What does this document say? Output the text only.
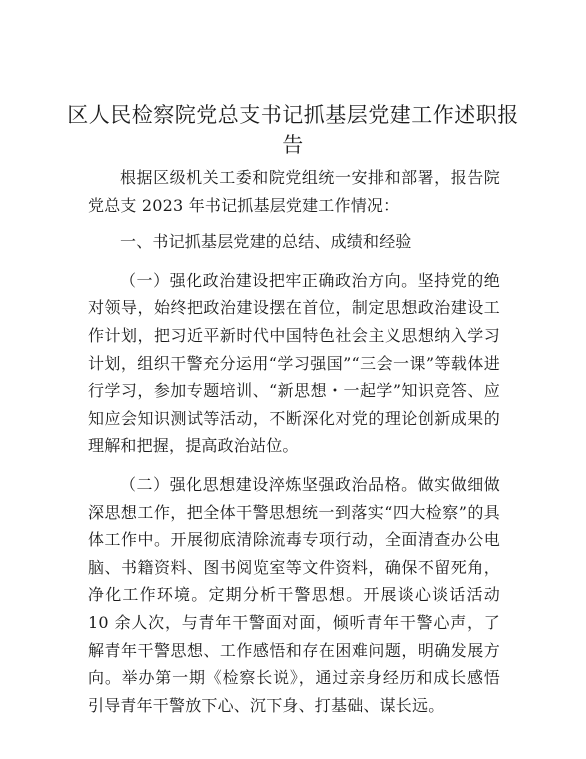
区人民检察院党总支书记抓基层党建工作述职报告

根据区级机关工委和院党组统一安排和部署，报告院党总支 2023 年书记抓基层党建工作情况：

一、书记抓基层党建的总结、成绩和经验

（一）强化政治建设把牢正确政治方向。坚持党的绝对领导，始终把政治建设摆在首位，制定思想政治建设工作计划，把习近平新时代中国特色社会主义思想纳入学习计划，组织干警充分运用“学习强国”“三会一课”等载体进行学习，参加专题培训、“新思想・一起学”知识竞答、应知应会知识测试等活动，不断深化对党的理论创新成果的理解和把握，提高政治站位。

（二）强化思想建设淬炼坚强政治品格。做实做细做深思想工作，把全体干警思想统一到落实“四大检察”的具体工作中。开展彻底清除流毒专项行动，全面清查办公电脑、书籍资料、图书阅览室等文件资料，确保不留死角，净化工作环境。定期分析干警思想。开展谈心谈话活动 10 余人次，与青年干警面对面，倾听青年干警心声，了解青年干警思想、工作感悟和存在困难问题，明确发展方向。举办第一期《检察长说》，通过亲身经历和成长感悟引导青年干警放下心、沉下身、打基础、谋长远。
